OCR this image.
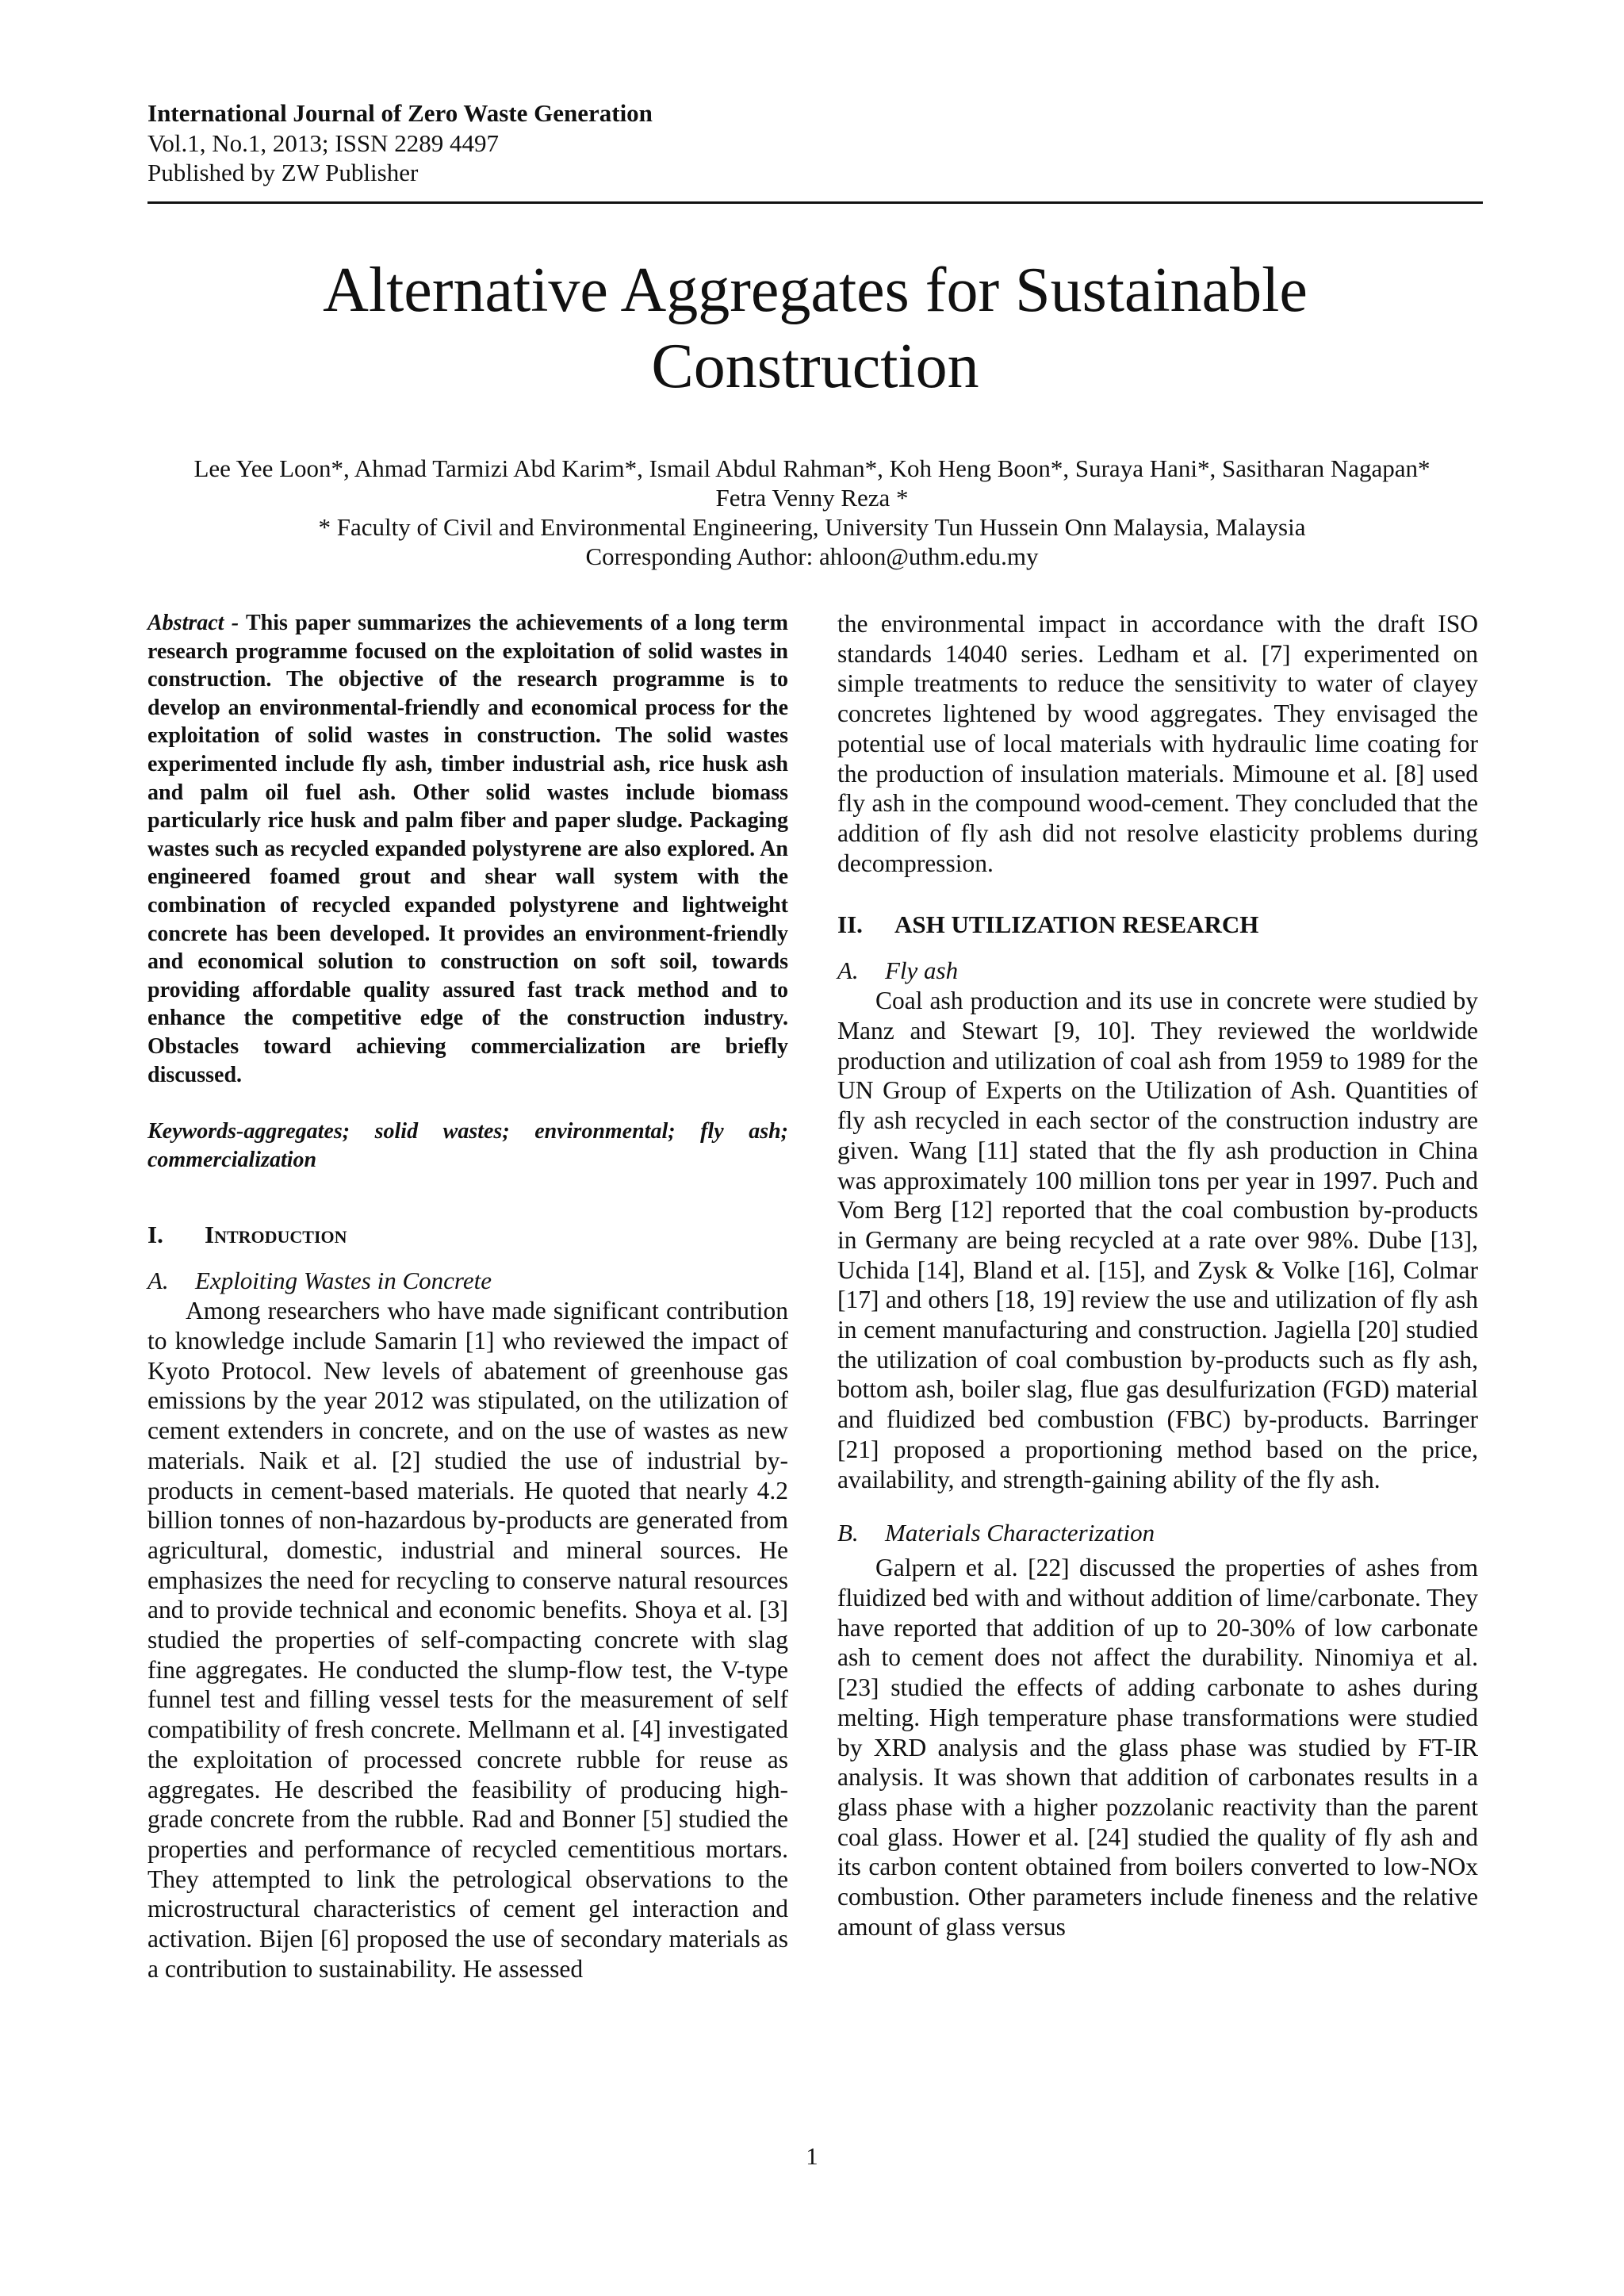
International Journal of Zero Waste Generation
Vol.1, No.1, 2013; ISSN 2289 4497
Published by ZW Publisher
Alternative Aggregates for Sustainable
Construction
Lee Yee Loon*, Ahmad Tarmizi Abd Karim*, Ismail Abdul Rahman*, Koh Heng Boon*, Suraya Hani*, Sasitharan Nagapan*
Fetra Venny Reza *
* Faculty of Civil and Environmental Engineering, University Tun Hussein Onn Malaysia, Malaysia
Corresponding Author: ahloon@uthm.edu.my

Abstract - This paper summarizes the achievements of a long term research programme focused on the exploitation of solid wastes in construction. The objective of the research programme is to develop an environmental-friendly and economical process for the exploitation of solid wastes in construction. The solid wastes experimented include fly ash, timber industrial ash, rice husk ash and palm oil fuel ash. Other solid wastes include biomass particularly rice husk and palm fiber and paper sludge. Packaging wastes such as recycled expanded polystyrene are also explored. An engineered foamed grout and shear wall system with the combination of recycled expanded polystyrene and lightweight concrete has been developed. It provides an environment-friendly and economical solution to construction on soft soil, towards providing affordable quality assured fast track method and to enhance the competitive edge of the construction industry. Obstacles toward achieving commercialization are briefly discussed.

Keywords-aggregates; solid wastes; environmental; fly ash; commercialization

I. Introduction

A. Exploiting Wastes in Concrete

Among researchers who have made significant contribution to knowledge include Samarin [1] who reviewed the impact of Kyoto Protocol. New levels of abatement of greenhouse gas emissions by the year 2012 was stipulated, on the utilization of cement extenders in concrete, and on the use of wastes as new materials. Naik et al. [2] studied the use of industrial by-products in cement-based materials. He quoted that nearly 4.2 billion tonnes of non-hazardous by-products are generated from agricultural, domestic, industrial and mineral sources. He emphasizes the need for recycling to conserve natural resources and to provide technical and economic benefits. Shoya et al. [3] studied the properties of self-compacting concrete with slag fine aggregates. He conducted the slump-flow test, the V-type funnel test and filling vessel tests for the measurement of self compatibility of fresh concrete. Mellmann et al. [4] investigated the exploitation of processed concrete rubble for reuse as aggregates. He described the feasibility of producing high-grade concrete from the rubble. Rad and Bonner [5] studied the properties and performance of recycled cementitious mortars. They attempted to link the petrological observations to the microstructural characteristics of cement gel interaction and activation. Bijen [6] proposed the use of secondary materials as a contribution to sustainability. He assessed

the environmental impact in accordance with the draft ISO standards 14040 series. Ledham et al. [7] experimented on simple treatments to reduce the sensitivity to water of clayey concretes lightened by wood aggregates. They envisaged the potential use of local materials with hydraulic lime coating for the production of insulation materials. Mimoune et al. [8] used fly ash in the compound wood-cement. They concluded that the addition of fly ash did not resolve elasticity problems during decompression.

II. ASH UTILIZATION RESEARCH

A. Fly ash

Coal ash production and its use in concrete were studied by Manz and Stewart [9, 10]. They reviewed the worldwide production and utilization of coal ash from 1959 to 1989 for the UN Group of Experts on the Utilization of Ash. Quantities of fly ash recycled in each sector of the construction industry are given. Wang [11] stated that the fly ash production in China was approximately 100 million tons per year in 1997. Puch and Vom Berg [12] reported that the coal combustion by-products in Germany are being recycled at a rate over 98%. Dube [13], Uchida [14], Bland et al. [15], and Zysk & Volke [16], Colmar [17] and others [18, 19] review the use and utilization of fly ash in cement manufacturing and construction. Jagiella [20] studied the utilization of coal combustion by-products such as fly ash, bottom ash, boiler slag, flue gas desulfurization (FGD) material and fluidized bed combustion (FBC) by-products. Barringer [21] proposed a proportioning method based on the price, availability, and strength-gaining ability of the fly ash.

B. Materials Characterization

Galpern et al. [22] discussed the properties of ashes from fluidized bed with and without addition of lime/carbonate. They have reported that addition of up to 20-30% of low carbonate ash to cement does not affect the durability. Ninomiya et al. [23] studied the effects of adding carbonate to ashes during melting. High temperature phase transformations were studied by XRD analysis and the glass phase was studied by FT-IR analysis. It was shown that addition of carbonates results in a glass phase with a higher pozzolanic reactivity than the parent coal glass. Hower et al. [24] studied the quality of fly ash and its carbon content obtained from boilers converted to low-NOx combustion. Other parameters include fineness and the relative amount of glass versus

1
